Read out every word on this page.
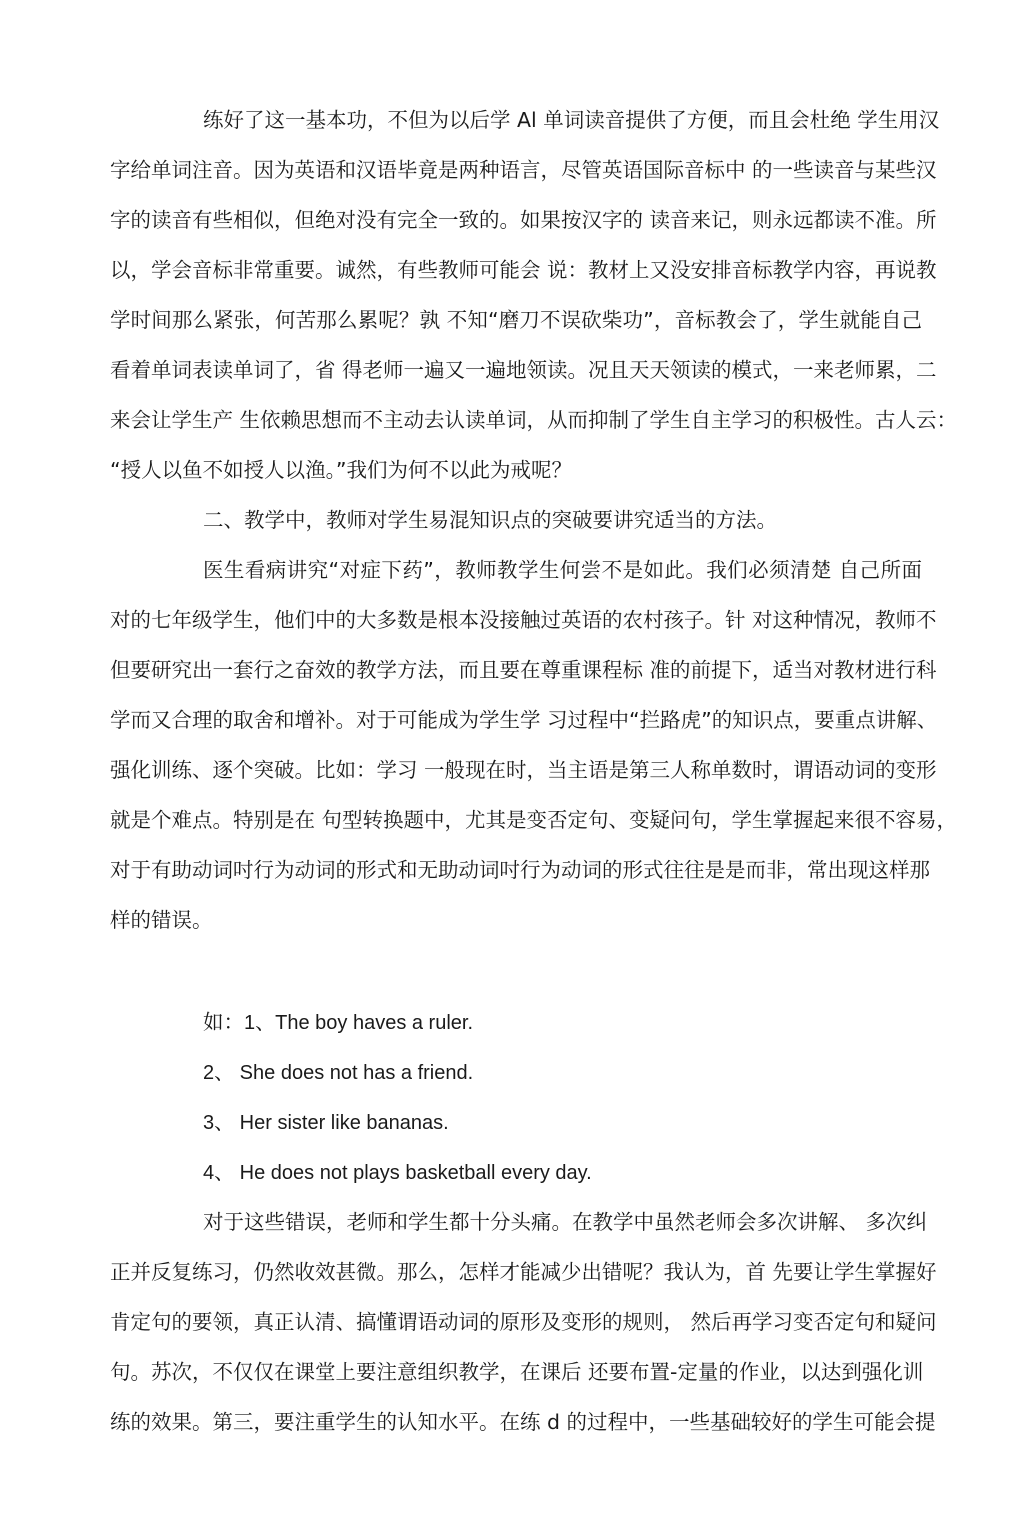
练好了这一基本功，不但为以后学 Al 单词读音提供了方便，而且会杜绝 学生用汉
字给单词注音。因为英语和汉语毕竟是两种语言，尽管英语国际音标中 的一些读音与某些汉
字的读音有些相似，但绝对没有完全一致的。如果按汉字的 读音来记，则永远都读不准。所
以，学会音标非常重要。诚然，有些教师可能会 说：教材上又没安排音标教学内容，再说教
学时间那么紧张，何苦那么累呢？孰 不知“磨刀不误砍柴功”，音标教会了，学生就能自己
看着单词表读单词了，省 得老师一遍又一遍地领读。况且天天领读的模式，一来老师累，二
来会让学生产 生依赖思想而不主动去认读单词，从而抑制了学生自主学习的积极性。古人云：
“授人以鱼不如授人以渔。”我们为何不以此为戒呢？
二、教学中，教师对学生易混知识点的突破要讲究适当的方法。
医生看病讲究“对症下药”，教师教学生何尝不是如此。我们必须清楚 自己所面
对的七年级学生，他们中的大多数是根本没接触过英语的农村孩子。针 对这种情况，教师不
但要研究出一套行之奋效的教学方法，而且要在尊重课程标 准的前提下，适当对教材进行科
学而又合理的取舍和增补。对于可能成为学生学 习过程中“拦路虎”的知识点，要重点讲解、
强化训练、逐个突破。比如：学习 一般现在时，当主语是第三人称单数时，谓语动词的变形
就是个难点。特别是在 句型转换题中，尤其是变否定句、变疑问句，学生掌握起来很不容易，
对于有助动词吋行为动词的形式和无助动词吋行为动词的形式往往是是而非，常出现这样那
样的错误。
如：1、The boy haves a ruler.
2、 She does not has a friend.
3、 Her sister like bananas.
4、 He does not plays basketball every day.
对于这些错误，老师和学生都十分头痛。在教学中虽然老师会多次讲解、 多次纠
正并反复练习，仍然收效甚微。那么，怎样才能减少出错呢？我认为，首 先要让学生掌握好
肯定句的要领，真正认清、搞懂谓语动词的原形及变形的规则， 然后再学习变否定句和疑问
句。苏次，不仅仅在课堂上要注意组织教学，在课后 还要布置-定量的作业，以达到强化训
练的效果。第三，要注重学生的认知水平。在练 d 的过程中，一些基础较好的学生可能会提
